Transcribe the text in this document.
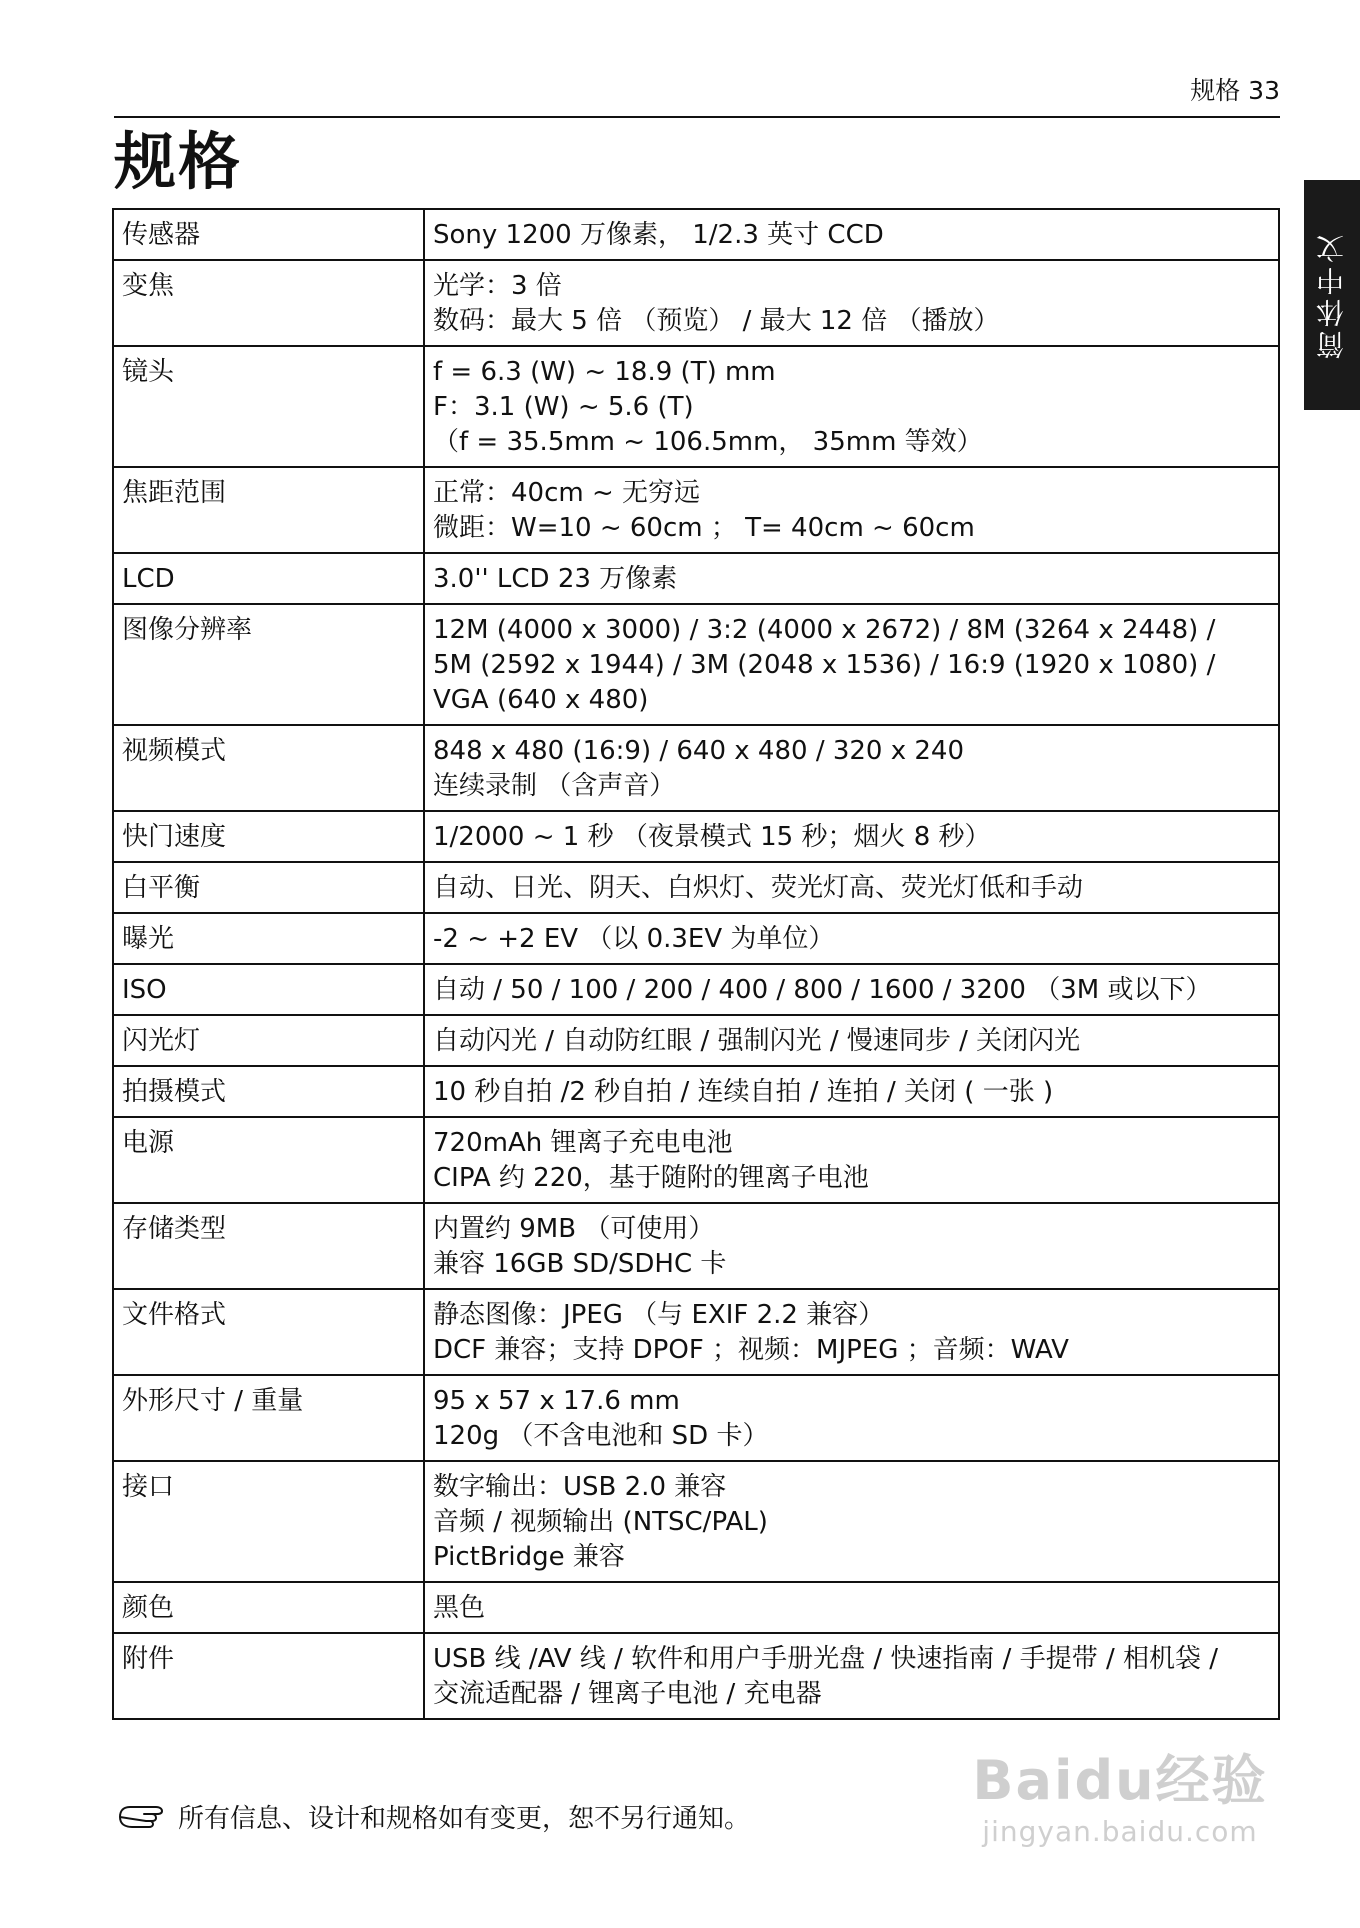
规格 33
规格
简体中文
传感器	Sony 1200 万像素， 1/2.3 英寸 CCD

变焦	光学：3 倍
数码：最大 5 倍 （预览） / 最大 12 倍 （播放）

镜头	f = 6.3 (W) ~ 18.9 (T) mm
F：3.1 (W) ~ 5.6 (T)
（f = 35.5mm ~ 106.5mm， 35mm 等效）

焦距范围	正常：40cm ~ 无穷远
微距：W=10 ~ 60cm ； T= 40cm ~ 60cm

LCD	3.0'' LCD 23 万像素

图像分辨率	12M (4000 x 3000) / 3:2 (4000 x 2672) / 8M (3264 x 2448) /
5M (2592 x 1944) / 3M (2048 x 1536) / 16:9 (1920 x 1080) /
VGA (640 x 480)

视频模式	848 x 480 (16:9) / 640 x 480 / 320 x 240
连续录制 （含声音）

快门速度	1/2000 ~ 1 秒 （夜景模式 15 秒；烟火 8 秒）

白平衡	自动、日光、阴天、白炽灯、荧光灯高、荧光灯低和手动

曝光	-2 ~ +2 EV （以 0.3EV 为单位）

ISO	自动 / 50 / 100 / 200 / 400 / 800 / 1600 / 3200 （3M 或以下）

闪光灯	自动闪光 / 自动防红眼 / 强制闪光 / 慢速同步 / 关闭闪光

拍摄模式	10 秒自拍 /2 秒自拍 / 连续自拍 / 连拍 / 关闭 ( 一张 )

电源	720mAh 锂离子充电电池
CIPA 约 220，基于随附的锂离子电池

存储类型	内置约 9MB （可使用）
兼容 16GB SD/SDHC 卡

文件格式	静态图像：JPEG （与 EXIF 2.2 兼容）
DCF 兼容；支持 DPOF ；视频：MJPEG ；音频：WAV

外形尺寸 / 重量	95 x 57 x 17.6 mm
120g （不含电池和 SD 卡）

接口	数字输出：USB 2.0 兼容
音频 / 视频输出 (NTSC/PAL)
PictBridge 兼容

颜色	黑色

附件	USB 线 /AV 线 / 软件和用户手册光盘 / 快速指南 / 手提带 / 相机袋 /
交流适配器 / 锂离子电池 / 充电器
所有信息、设计和规格如有变更，恕不另行通知。
Baidu经验
jingyan.baidu.com
